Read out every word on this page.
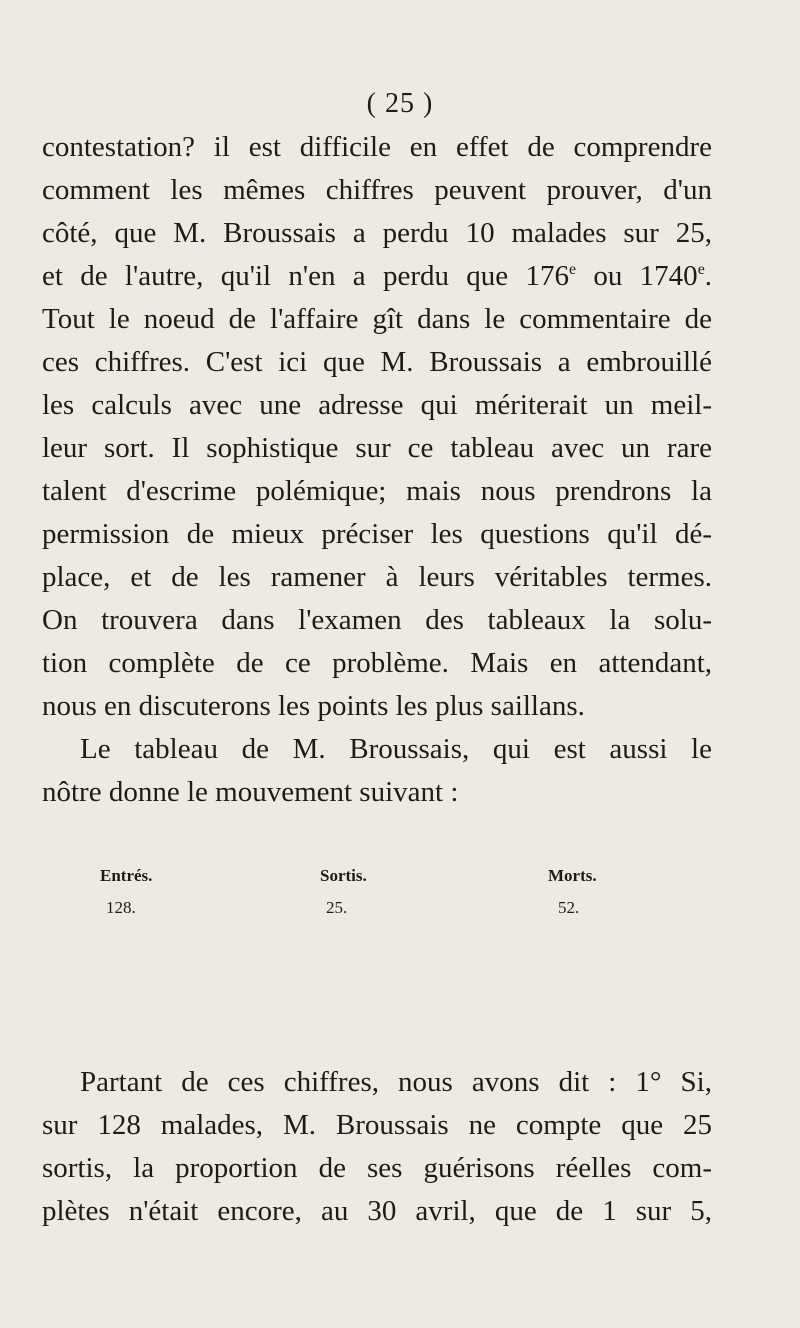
( 25 )
contestation? il est difficile en effet de comprendre
comment les mêmes chiffres peuvent prouver, d'un
côté, que M. Broussais a perdu 10 malades sur 25,
et de l'autre, qu'il n'en a perdu que 176e ou 1740e.
Tout le noeud de l'affaire gît dans le commentaire de
ces chiffres. C'est ici que M. Broussais a embrouillé
les calculs avec une adresse qui mériterait un meil-
leur sort. Il sophistique sur ce tableau avec un rare
talent d'escrime polémique; mais nous prendrons la
permission de mieux préciser les questions qu'il dé-
place, et de les ramener à leurs véritables termes.
On trouvera dans l'examen des tableaux la solu-
tion complète de ce problème. Mais en attendant,
nous en discuterons les points les plus saillans.
Le tableau de M. Broussais, qui est aussi le
nôtre donne le mouvement suivant :
Entrés.	Sortis.	Morts.
128.	25.	52.
Partant de ces chiffres, nous avons dit : 1° Si,
sur 128 malades, M. Broussais ne compte que 25
sortis, la proportion de ses guérisons réelles com-
plètes n'était encore, au 30 avril, que de 1 sur 5,
